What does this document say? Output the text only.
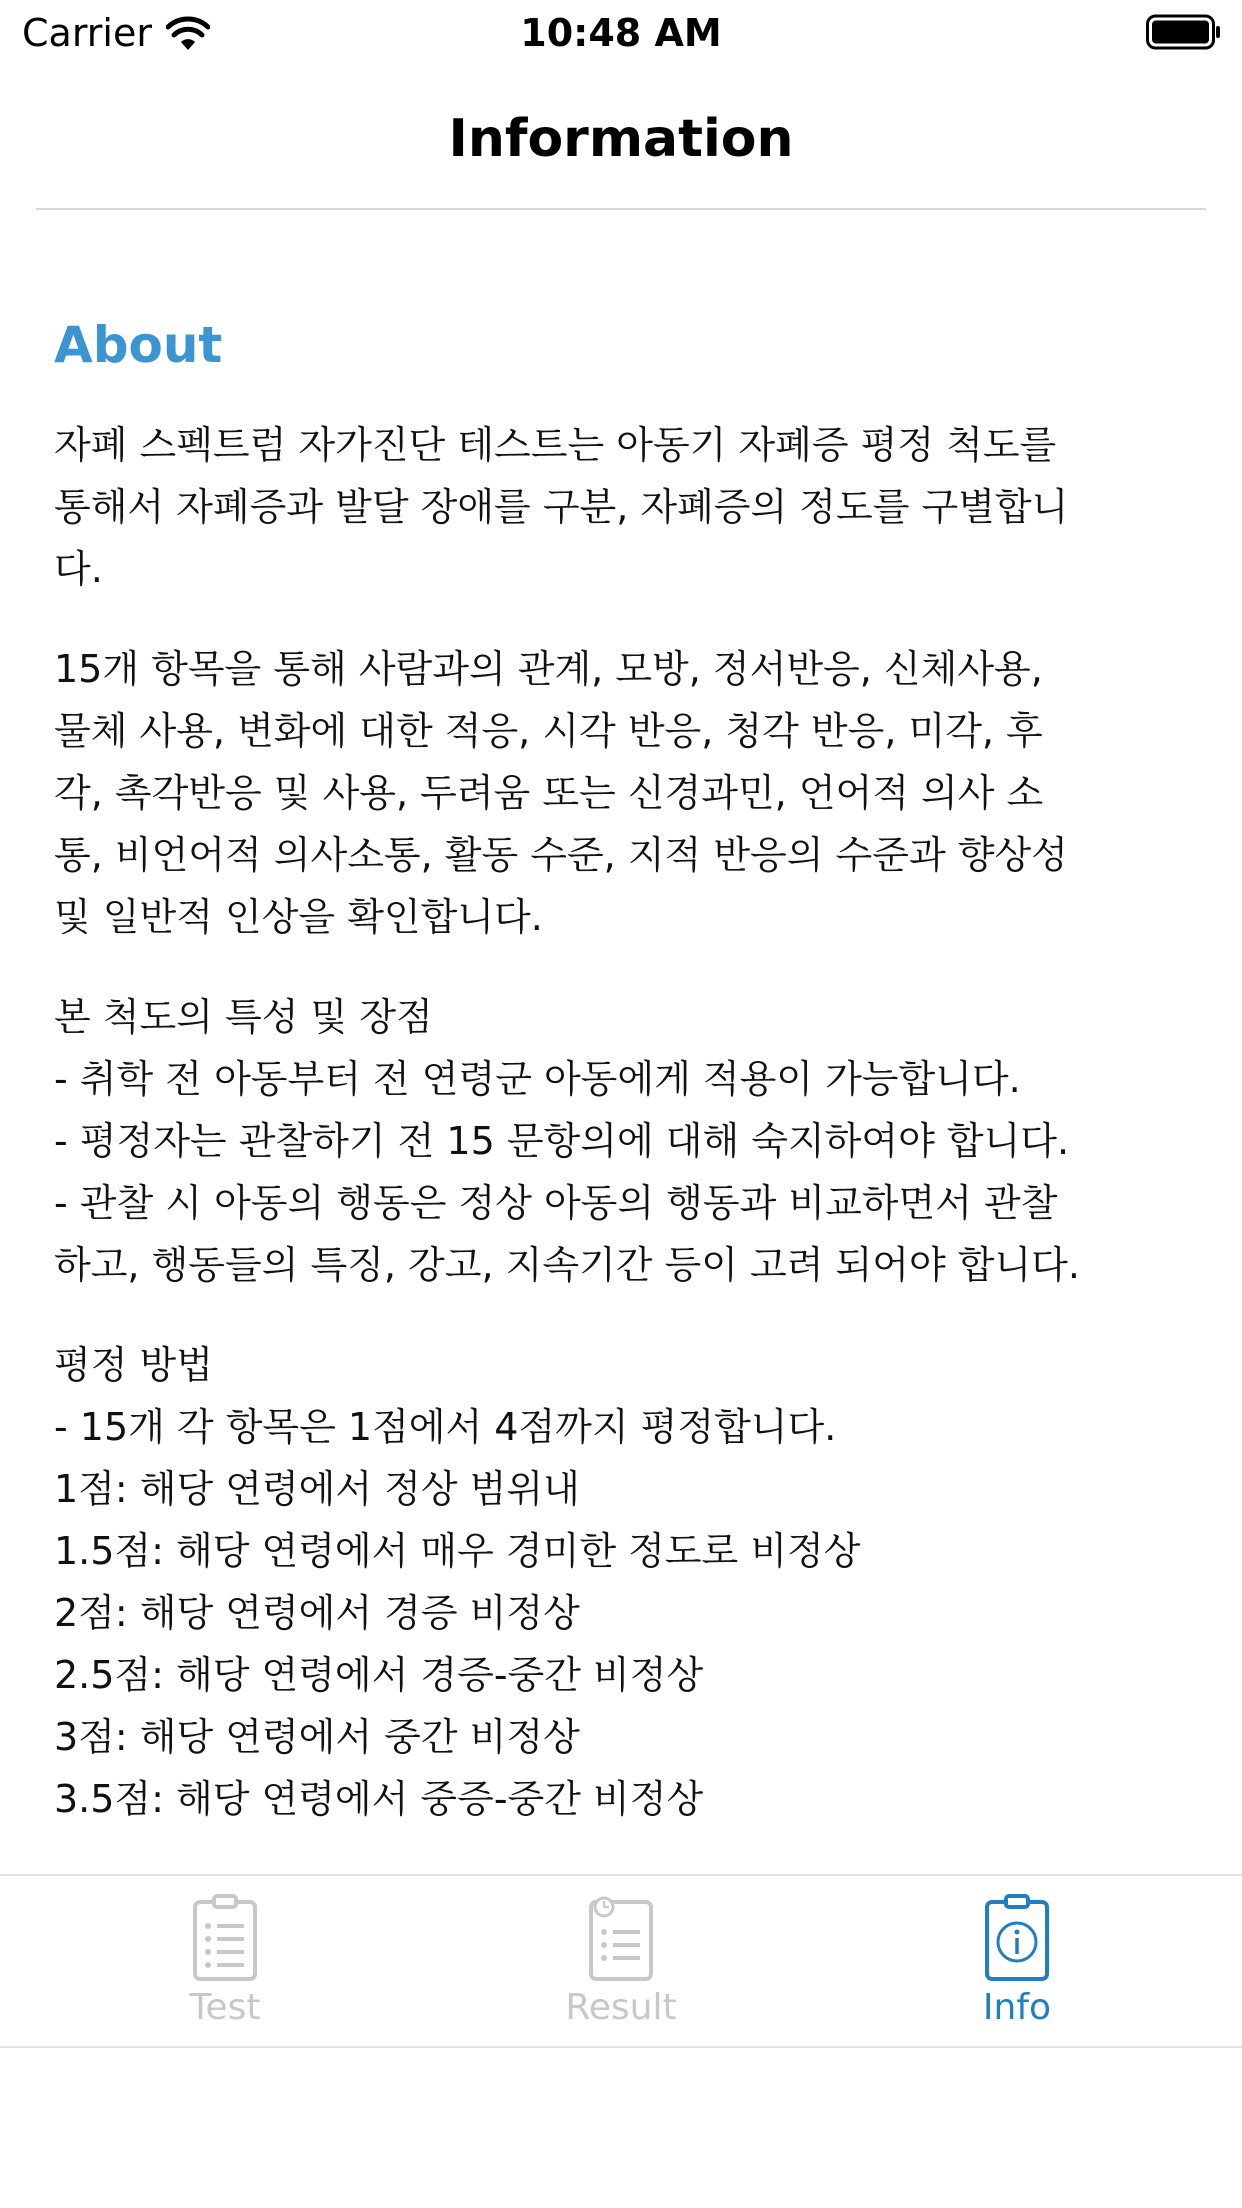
Carrier	10:48 AM
Information
About
자폐 스펙트럼 자가진단 테스트는 아동기 자폐증 평정 척도를
통해서 자폐증과 발달 장애를 구분, 자폐증의 정도를 구별합니
다.
15개 항목을 통해 사람과의 관계, 모방, 정서반응, 신체사용,
물체 사용, 변화에 대한 적응, 시각 반응, 청각 반응, 미각, 후
각, 촉각반응 및 사용, 두려움 또는 신경과민, 언어적 의사 소
통, 비언어적 의사소통, 활동 수준, 지적 반응의 수준과 향상성
및 일반적 인상을 확인합니다.
본 척도의 특성 및 장점
- 취학 전 아동부터 전 연령군 아동에게 적용이 가능합니다.
- 평정자는 관찰하기 전 15 문항의에 대해 숙지하여야 합니다.
- 관찰 시 아동의 행동은 정상 아동의 행동과 비교하면서 관찰
하고, 행동들의 특징, 강고, 지속기간 등이 고려 되어야 합니다.
평정 방법
- 15개 각 항목은 1점에서 4점까지 평정합니다.
1점: 해당 연령에서 정상 범위내
1.5점: 해당 연령에서 매우 경미한 정도로 비정상
2점: 해당 연령에서 경증 비정상
2.5점: 해당 연령에서 경증-중간 비정상
3점: 해당 연령에서 중간 비정상
3.5점: 해당 연령에서 중증-중간 비정상
Test	Result	Info
